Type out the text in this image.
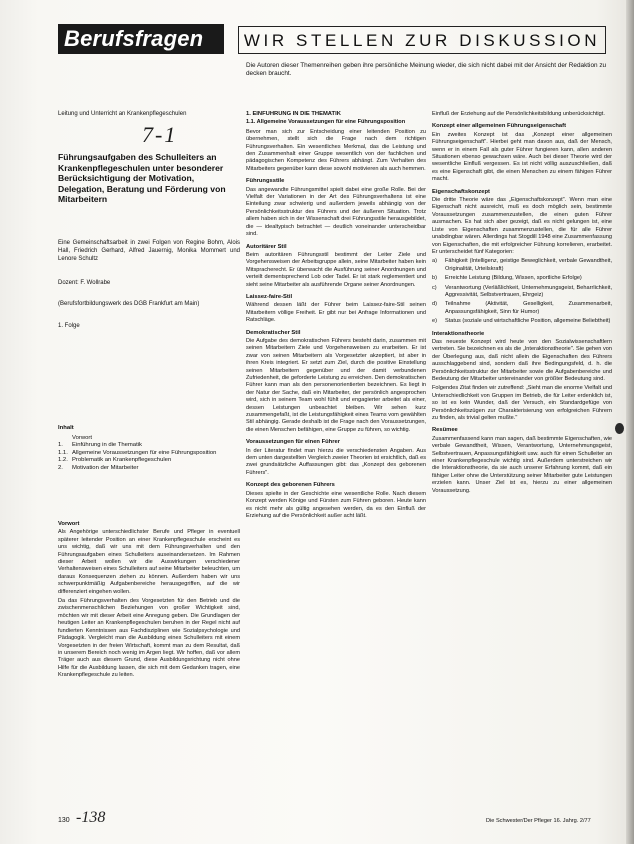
Berufsfragen WIR STELLEN ZUR DISKUSSION
Die Autoren dieser Themenreihen geben ihre persönliche Meinung wieder, die sich nicht dabei mit der Ansicht der Redaktion zu decken braucht.
Leitung und Unterricht an Krankenpflegeschulen
7-1
Führungsaufgaben des Schulleiters an Krankenpflegeschulen unter besonderer Berücksichtigung der Motivation, Delegation, Beratung und Förderung von Mitarbeitern
Eine Gemeinschaftsarbeit in zwei Folgen von Regine Bohm, Alois Hall, Friedrich Gerhard, Alfred Jauernig, Monika Mommert und Lenore Schultz
Dozent: F. Wollrabe
(Berufsfortbildungswerk des DGB Frankfurt am Main)
1. Folge
Inhalt
Vorwort
1.	Einführung in die Thematik
1.1. Allgemeine Voraussetzungen für eine Führungsposition
1.2. Problematik an Krankenpflegeschulen
2.	Motivation der Mitarbeiter
Vorwort

Als Angehörige unterschiedlichster Berufe und Pfleger in eventuell späterer leitender Position an einer Krankenpflegeschule erscheint es uns wichtig, daß wir uns mit dem Führungsverhalten und den Führungsaufgaben eines Schulleiters auseinandersetzen. Im Rahmen dieser Arbeit wollen wir die Auswirkungen verschiedener Verhaltensweisen eines Schulleiters auf seine Mitarbeiter beleuchten, um daraus Konsequenzen ziehen zu können. Außerdem haben wir uns schwerpunktmäßig Aufgabenbereiche herausgegriffen, auf die wir differenziert eingehen wollen.

Da das Führungsverhalten des Vorgesetzten für den Betrieb und die zwischenmenschlichen Beziehungen von großer Wichtigkeit sind, möchten wir mit dieser Arbeit eine Anregung geben. Die Grundlagen der heutigen Leiter an Krankenpflegeschulen beruhen in der Regel nicht auf fundierten Kenntnissen aus Fachdisziplinen wie Sozialpsychologie und Pädagogik. Vergleicht man die Ausbildung eines Schulleiters mit einem Vorgesetzten in der freien Wirtschaft, kommt man zu dem Resultat, daß in unserem Bereich noch wenig im Argen liegt. Wir hoffen, daß vor allem Träger auch aus diesem Grund, diese Ausbildungsrichtung nicht ohne Hilfe für die Ausbildung lassen, die sich mit dem Gedanken tragen, eine Krankenpflegeschule zu leiten.

1. EINFÜHRUNG IN DIE THEMATIK

1.1. Allgemeine Voraussetzungen für eine Führungsposition

Bevor man sich zur Entscheidung einer leitenden Position zu übernehmen, stellt sich die Frage nach dem richtigen Führungsverhalten. Ein wesentliches Merkmal, das die Leistung und den Zusammenhalt einer Gruppe wesentlich von der fachlichen und pädagogischen Kompetenz des Führers abhängt. Zum Verhalten des Mitarbeiters gegenüber kann diese sowohl motivieren als auch hemmen.

Führungsstile

Das angewandte Führungsmittel spielt dabei eine große Rolle. Bei der Vielfalt der Variationen in der Art des Führungsverhaltens ist eine Einteilung zwar schwierig und außerdem jeweils abhängig von der Persönlichkeitsstruktur des Führers und der äußeren Situation. Trotz allem haben sich in der Wissenschaft drei Führungsstile herausgebildet, die — idealtypisch betrachtet — deutlich voneinander unterscheidbar sind.

Autoritärer Stil

Beim autoritären Führungsstil bestimmt der Leiter Ziele und Vorgehensweisen der Arbeitsgruppe allein, seine Mitarbeiter haben kein Mitspracherecht. Er überwacht die Ausführung seiner Anordnungen und verteilt dementsprechend Lob oder Tadel. Er ist stark reglementiert und sieht seine Mitarbeiter als ausführende Organe seiner Anordnungen.

Laissez-faire-Stil

Während dessen läßt der Führer beim Laissez-faire-Stil seinen Mitarbeitern völlige Freiheit. Er gibt nur bei Anfrage Informationen und Ratschläge.

Demokratischer Stil

Die Aufgabe des demokratischen Führers besteht darin, zusammen mit seinen Mitarbeitern Ziele und Vorgehensweisen zu erarbeiten. Er ist zwar von seinen Mitarbeitern als Vorgesetzter akzeptiert, ist aber in ihren Kreis integriert. Er setzt zum Ziel, durch die positive Einstellung seinen Mitarbeitern gegenüber und der damit verbundenen Zufriedenheit, die geforderte Leistung zu erreichen. Den demokratischen Führer kann man als den personenorientierten bezeichnen. Es liegt in der Natur der Sache, daß ein Mitarbeiter, der persönlich angesprochen wird, sich in seinem Team wohl fühlt und engagierter arbeitet als einer, dessen Leistungen unbeachtet bleiben. Wir sehen kurz zusammengefaßt, ist die Leistungsfähigkeit eines Teams vom gewählten Stil abhängig. Gerade deshalb ist die Frage nach den Voraussetzungen, die einen Menschen befähigen, eine Gruppe zu führen, so wichtig.

Voraussetzungen für einen Führer

In der Literatur findet man hierzu die verschiedensten Angaben. Aus dem unten dargestellten Vergleich zweier Theorien ist ersichtlich, daß es zwei grundsätzliche Auffassungen gibt: das „Konzept des geborenen Führers".

Konzept des geborenen Führers

Dieses spielte in der Geschichte eine wesentliche Rolle. Nach diesem Konzept werden Könige und Fürsten zum Führen geboren. Heute kann es nicht mehr als gültig angesehen werden, da es den Einfluß der Erziehung auf die Persönlichkeit außer acht läßt.

Einfluß der Erziehung auf die Persönlichkeitsbildung unberücksichtigt.

Konzept einer allgemeinen Führungseigenschaft

Ein zweites Konzept ist das „Konzept einer allgemeinen Führungseigenschaft". Hierbei geht man davon aus, daß der Mensch, wenn er in einem Fall als guter Führer fungieren kann, allen anderen Situationen ebenso gewachsen wäre. Auch bei dieser Theorie wird der wesentliche Einfluß vergessen. Es ist nicht völlig auszuschließen, daß es eine Eigenschaft gibt, die einen Menschen zu einem fähigen Führer macht.

Eigenschaftskonzept

Die dritte Theorie wäre das „Eigenschaftskonzept". Wenn man eine Eigenschaft nicht ausreicht, muß es doch möglich sein, bestimmte Voraussetzungen zusammenzustellen, die einen guten Führer ausmachen. Es hat sich aber gezeigt, daß es nicht gelungen ist, eine Liste von Eigenschaften zusammenzustellen, die für alle Führer unabdingbar wären. Allerdings hat Stogdill 1948 eine Zusammenfassung von Eigenschaften, die mit erfolgreicher Führung korrelieren, erarbeitet. Er unterscheidet fünf Kategorien:

a)	Fähigkeit (Intelligenz, geistige Beweglichkeit, verbale Gewandtheit, Originalität, Urteilskraft)
b)	Erreichte Leistung (Bildung, Wissen, sportliche Erfolge)
c)	Verantwortung (Verläßlichkeit, Unternehmungsgeist, Beharrlichkeit, Aggressivität, Selbstvertrauen, Ehrgeiz)
d)	Teilnahme (Aktivität, Geselligkeit, Zusammenarbeit, Anpassungsfähigkeit, Sinn für Humor)
e)	Status (soziale und wirtschaftliche Position, allgemeine Beliebtheit)
Interaktionstheorie

Das neueste Konzept wird heute von den Sozialwissenschaftlern vertreten. Sie bezeichnen es als die „Interaktionstheorie". Sie gehen von der Überlegung aus, daß nicht allein die Eigenschaften des Führers ausschlaggebend sind, sondern daß ihre Bedingungsfeld, d. h. die Persönlichkeitsstruktur der Mitarbeiter sowie die Aufgabenbereiche und Bedeutung der Mitarbeiter untereinander von größter Bedeutung sind.

Folgendes Zitat finden wir zutreffend: „Sieht man die enorme Vielfalt und Unterschiedlichkeit von Gruppen im Betrieb, die für Leiter erdenklich ist, so ist es kein Wunder, daß der Versuch, ein Standardgefüge von Persönlichkeitszügen zur Charakterisierung von erfolgreichen Führern zu finden, als trivial gelten mußte."

Resümee

Zusammenfassend kann man sagen, daß bestimmte Eigenschaften, wie verbale Gewandtheit, Wissen, Verantwortung, Unternehmungsgeist, Selbstvertrauen, Anpassungsfähigkeit usw. auch für einen Schulleiter an einer Krankenpflegeschule wichtig sind. Außerdem unterstreichen wir die Interaktionstheorie, da sie auch unserer Erfahrung kommt, daß ein fähiger Leiter ohne die Unterstützung seiner Mitarbeiter gute Leistungen erzielen kann. Unser Ziel ist es, hierzu zu einer allgemeinen Voraussetzung.

130 -138	Die Schwester/Der Pfleger 16. Jahrg. 2/77
